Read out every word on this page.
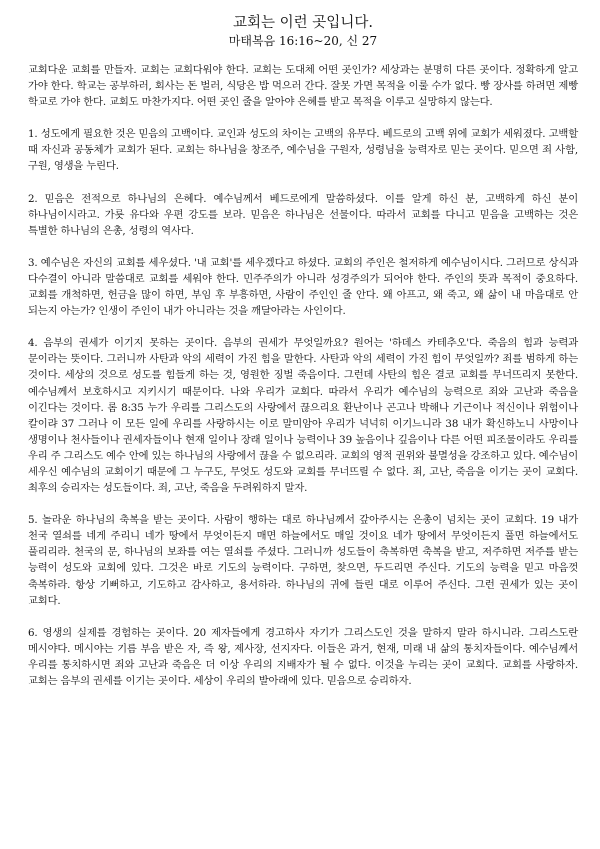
교회는 이런 곳입니다.
마태복음 16:16~20, 신 27

교회다운 교회를 만들자. 교회는 교회다워야 한다. 교회는 도대체 어떤 곳인가? 세상과는 분명히 다른 곳이다. 정확하게 알고 가야 한다. 학교는 공부하러, 회사는 돈 벌러, 식당은 밥 먹으러 간다. 잘못 가면 목적을 이룰 수가 없다. 빵 장사를 하려면 제빵 학교로 가야 한다. 교회도 마찬가지다. 어떤 곳인 줄을 알아야 은혜를 받고 목적을 이루고 실망하지 않는다.

1. 성도에게 필요한 것은 믿음의 고백이다. 교인과 성도의 차이는 고백의 유무다. 베드로의 고백 위에 교회가 세워졌다. 고백할 때 자신과 공동체가 교회가 된다. 교회는 하나님을 창조주, 예수님을 구원자, 성령님을 능력자로 믿는 곳이다. 믿으면 죄 사함, 구원, 영생을 누린다.

2. 믿음은 전적으로 하나님의 은혜다. 예수님께서 베드로에게 말씀하셨다. 이를 알게 하신 분, 고백하게 하신 분이 하나님이시라고. 가룟 유다와 우편 강도를 보라. 믿음은 하나님은 선물이다. 따라서 교회를 다니고 믿음을 고백하는 것은 특별한 하나님의 은총, 성령의 역사다.

3. 예수님은 자신의 교회를 세우셨다. '내 교회'를 세우겠다고 하셨다. 교회의 주인은 철저하게 예수님이시다. 그러므로 상식과 다수결이 아니라 말씀대로 교회를 세워야 한다. 민주주의가 아니라 성경주의가 되어야 한다. 주인의 뜻과 목적이 중요하다. 교회를 개척하면, 헌금을 많이 하면, 부임 후 부흥하면, 사람이 주인인 줄 안다. 왜 아프고, 왜 죽고, 왜 삶이 내 마음대로 안 되는지 아는가? 인생이 주인이 내가 아니라는 것을 깨달아라는 사인이다.

4. 음부의 권세가 이기지 못하는 곳이다. 음부의 권세가 무엇일까요? 원어는 '하데스 카테추오'다. 죽음의 힘과 능력과 문이라는 뜻이다. 그러니까 사탄과 악의 세력이 가진 힘을 말한다. 사탄과 악의 세력이 가진 힘이 무엇일까? 죄를 범하게 하는 것이다. 세상의 것으로 성도를 힘들게 하는 것, 영원한 징벌 죽음이다. 그런데 사탄의 힘은 결코 교회를 무너뜨리지 못한다. 예수님께서 보호하시고 지키시기 때문이다. 나와 우리가 교회다. 따라서 우리가 예수님의 능력으로 죄와 고난과 죽음을 이긴다는 것이다. 롬 8:35 누가 우리를 그리스도의 사랑에서 끊으리요 환난이나 곤고나 박해나 기근이나 적신이나 위험이나 칼이랴 37 그러나 이 모든 일에 우리를 사랑하시는 이로 말미암아 우리가 넉넉히 이기느니라 38 내가 확신하노니 사망이나 생명이나 천사들이나 권세자들이나 현재 일이나 장래 일이나 능력이나 39 높음이나 깊음이나 다른 어떤 피조물이라도 우리를 우리 주 그리스도 예수 안에 있는 하나님의 사랑에서 끊을 수 없으리라. 교회의 영적 권위와 불멸성을 강조하고 있다. 예수님이 세우신 예수님의 교회이기 때문에 그 누구도, 무엇도 성도와 교회를 무너뜨릴 수 없다. 죄, 고난, 죽음을 이기는 곳이 교회다. 최후의 승리자는 성도들이다. 죄, 고난, 죽음을 두려워하지 말자.

5. 놀라운 하나님의 축복을 받는 곳이다. 사람이 행하는 대로 하나님께서 갚아주시는 은총이 넘치는 곳이 교회다. 19 내가 천국 열쇠를 네게 주리니 네가 땅에서 무엇이든지 매면 하늘에서도 매일 것이요 네가 땅에서 무엇이든지 풀면 하늘에서도 풀리리라. 천국의 문, 하나님의 보좌를 여는 열쇠를 주셨다. 그러니까 성도들이 축복하면 축복을 받고, 저주하면 저주를 받는 능력이 성도와 교회에 있다. 그것은 바로 기도의 능력이다. 구하면, 찾으면, 두드리면 주신다. 기도의 능력을 믿고 마음껏 축복하라. 항상 기뻐하고, 기도하고 감사하고, 용서하라. 하나님의 귀에 들린 대로 이루어 주신다. 그런 권세가 있는 곳이 교회다.

6. 영생의 실제를 경험하는 곳이다. 20 제자들에게 경고하사 자기가 그리스도인 것을 말하지 말라 하시니라. 그리스도란 메시야다. 메시야는 기름 부음 받은 자, 즉 왕, 제사장, 선지자다. 이들은 과거, 현재, 미래 내 삶의 통치자들이다. 예수님께서 우리를 통치하시면 죄와 고난과 죽음은 더 이상 우리의 지배자가 될 수 없다. 이것을 누리는 곳이 교회다. 교회를 사랑하자. 교회는 음부의 권세를 이기는 곳이다. 세상이 우리의 발아래에 있다. 믿음으로 승리하자.
